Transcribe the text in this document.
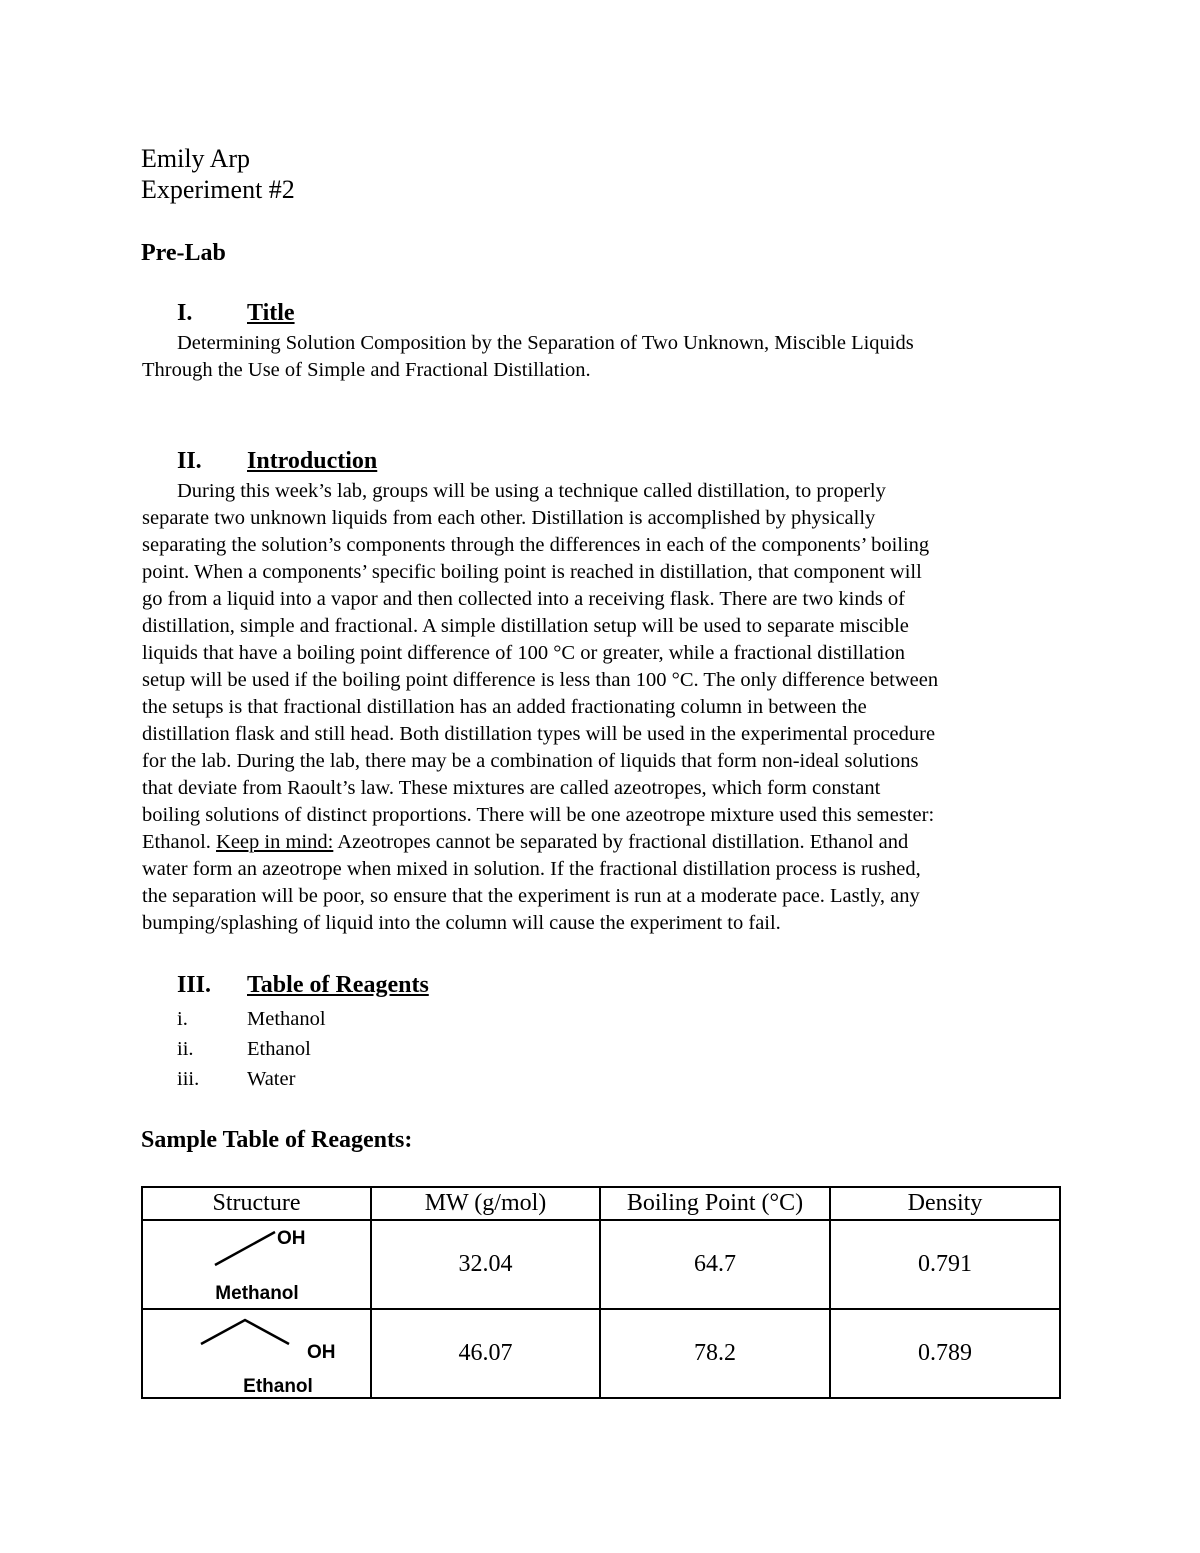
Emily Arp
Experiment #2
Pre-Lab
I. Title
Determining Solution Composition by the Separation of Two Unknown, Miscible Liquids
Through the Use of Simple and Fractional Distillation.
II. Introduction
During this week’s lab, groups will be using a technique called distillation, to properly
separate two unknown liquids from each other. Distillation is accomplished by physically
separating the solution’s components through the differences in each of the components’ boiling
point. When a components’ specific boiling point is reached in distillation, that component will
go from a liquid into a vapor and then collected into a receiving flask. There are two kinds of
distillation, simple and fractional. A simple distillation setup will be used to separate miscible
liquids that have a boiling point difference of 100 °C or greater, while a fractional distillation
setup will be used if the boiling point difference is less than 100 °C. The only difference between
the setups is that fractional distillation has an added fractionating column in between the
distillation flask and still head. Both distillation types will be used in the experimental procedure
for the lab. During the lab, there may be a combination of liquids that form non-ideal solutions
that deviate from Raoult’s law. These mixtures are called azeotropes, which form constant
boiling solutions of distinct proportions. There will be one azeotrope mixture used this semester:
Ethanol. Keep in mind: Azeotropes cannot be separated by fractional distillation. Ethanol and
water form an azeotrope when mixed in solution. If the fractional distillation process is rushed,
the separation will be poor, so ensure that the experiment is run at a moderate pace. Lastly, any
bumping/splashing of liquid into the column will cause the experiment to fail.
III. Table of Reagents
i.	Methanol
ii.	Ethanol
iii. Water
Sample Table of Reagents:
Structure	MW (g/mol)	Boiling Point (°C)	Density

OH
Methanol	32.04	64.7	0.791

OH
Ethanol	46.07	78.2	0.789
